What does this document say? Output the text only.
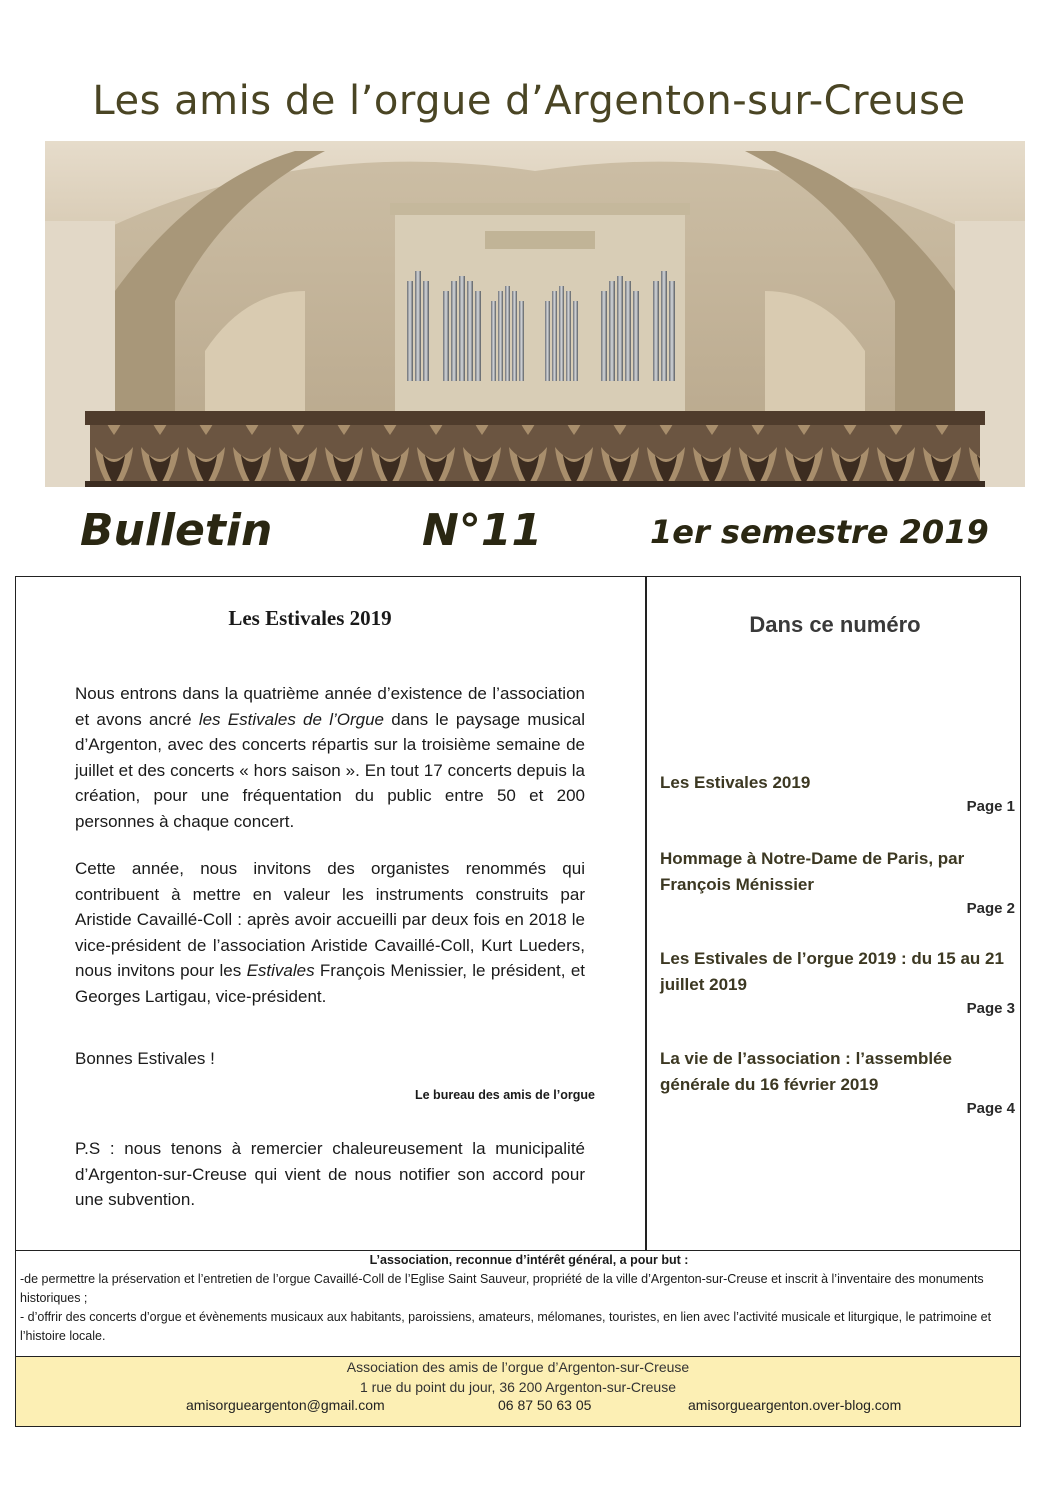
Les amis de l’orgue d’Argenton-sur-Creuse
Bulletin	N°11	1er semestre 2019
Les Estivales 2019

Nous entrons dans la quatrième année d’existence de l’association et avons ancré les Estivales de l’Orgue dans le paysage musical d’Argenton, avec des concerts répartis sur la troisième semaine de juillet et des concerts « hors saison ». En tout 17 concerts depuis la création, pour une fréquentation du public entre 50 et 200 personnes à chaque concert.

Cette année, nous invitons des organistes renommés qui contribuent à mettre en valeur les instruments construits par Aristide Cavaillé-Coll : après avoir accueilli par deux fois en 2018 le vice-président de l’association Aristide Cavaillé-Coll, Kurt Lueders, nous invitons pour les Estivales François Menissier, le président, et Georges Lartigau, vice-président.

Bonnes Estivales !
Le bureau des amis de l’orgue
P.S : nous tenons à remercier chaleureusement la municipalité d’Argenton-sur-Creuse qui vient de nous notifier son accord pour une subvention.
Dans ce numéro
Les Estivales 2019
Page 1
Hommage à Notre-Dame de Paris, par François Ménissier
Page 2
Les Estivales de l’orgue 2019 : du 15 au 21 juillet 2019
Page 3
La vie de l’association : l’assemblée générale du 16 février 2019
Page 4
L’association, reconnue d’intérêt général, a pour but :
-de permettre la préservation et l’entretien de l’orgue Cavaillé-Coll de l’Eglise Saint Sauveur, propriété de la ville d’Argenton-sur-Creuse et inscrit à l’inventaire des monuments historiques ;
- d’offrir des concerts d’orgue et évènements musicaux aux habitants, paroissiens, amateurs, mélomanes, touristes, en lien avec l’activité musicale et liturgique, le patrimoine et l’histoire locale.
Association des amis de l’orgue d’Argenton-sur-Creuse
1 rue du point du jour, 36 200 Argenton-sur-Creuse
amisorgueargenton@gmail.com	06 87 50 63 05	amisorgueargenton.over-blog.com
